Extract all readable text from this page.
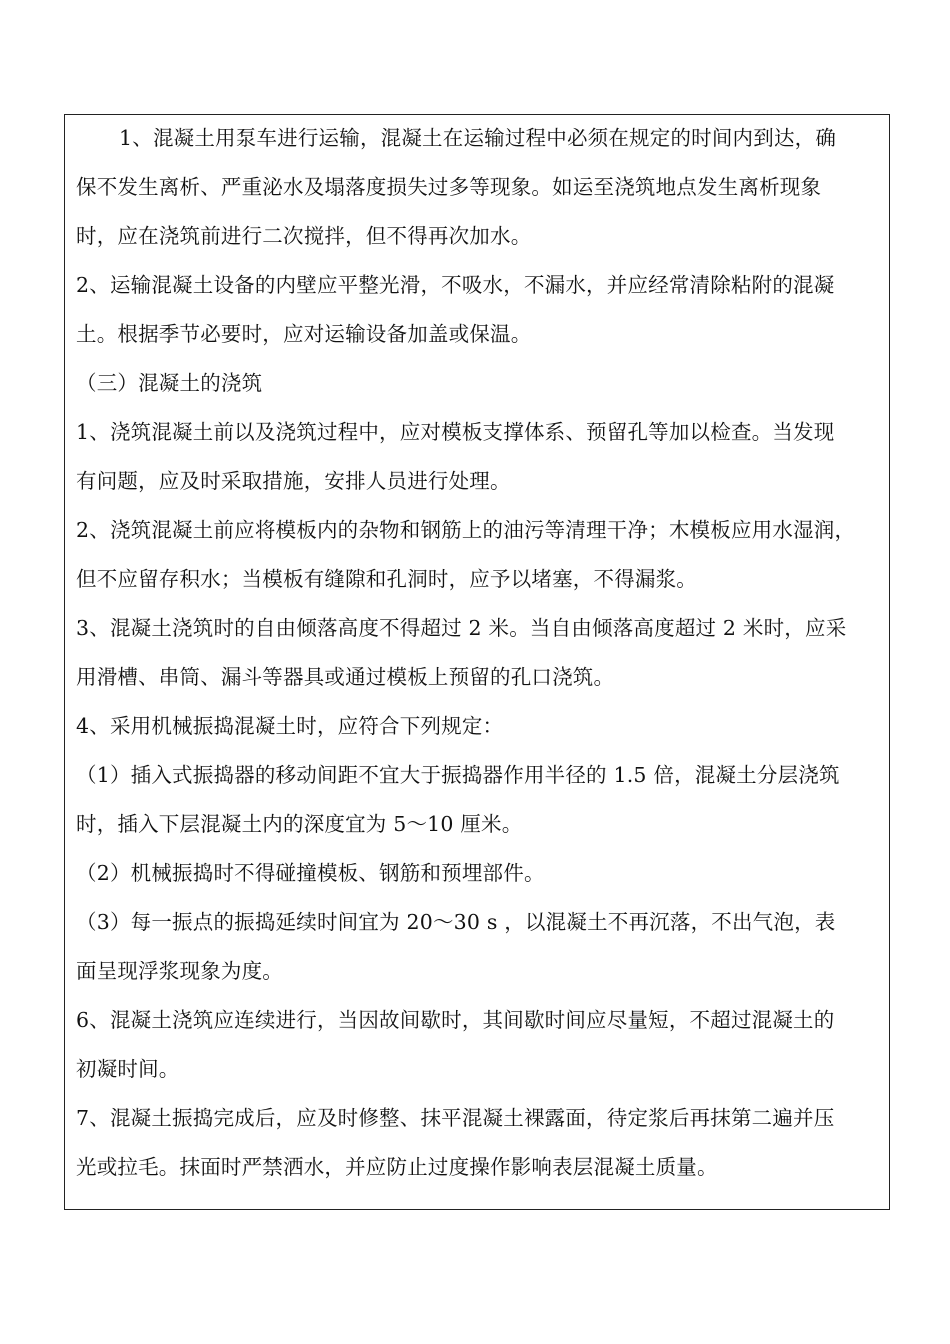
1、混凝土用泵车进行运输，混凝土在运输过程中必须在规定的时间内到达，确
保不发生离析、严重泌水及塌落度损失过多等现象。如运至浇筑地点发生离析现象
时，应在浇筑前进行二次搅拌，但不得再次加水。
2、运输混凝土设备的内壁应平整光滑，不吸水，不漏水，并应经常清除粘附的混凝
土。根据季节必要时，应对运输设备加盖或保温。
（三）混凝土的浇筑
1、浇筑混凝土前以及浇筑过程中，应对模板支撑体系、预留孔等加以检查。当发现
有问题，应及时采取措施，安排人员进行处理。
2、浇筑混凝土前应将模板内的杂物和钢筋上的油污等清理干净；木模板应用水湿润，
但不应留存积水；当模板有缝隙和孔洞时，应予以堵塞，不得漏浆。
3、混凝土浇筑时的自由倾落高度不得超过 2 米。当自由倾落高度超过 2 米时，应采
用滑槽、串筒、漏斗等器具或通过模板上预留的孔口浇筑。
4、采用机械振捣混凝土时，应符合下列规定：
（1）插入式振捣器的移动间距不宜大于振捣器作用半径的 1.5 倍，混凝土分层浇筑
时，插入下层混凝土内的深度宜为 5～10 厘米。
（2）机械振捣时不得碰撞模板、钢筋和预埋部件。
（3）每一振点的振捣延续时间宜为 20～30 s ，以混凝土不再沉落，不出气泡，表
面呈现浮浆现象为度。
6、混凝土浇筑应连续进行，当因故间歇时，其间歇时间应尽量短，不超过混凝土的
初凝时间。
7、混凝土振捣完成后，应及时修整、抹平混凝土裸露面，待定浆后再抹第二遍并压
光或拉毛。抹面时严禁洒水，并应防止过度操作影响表层混凝土质量。
